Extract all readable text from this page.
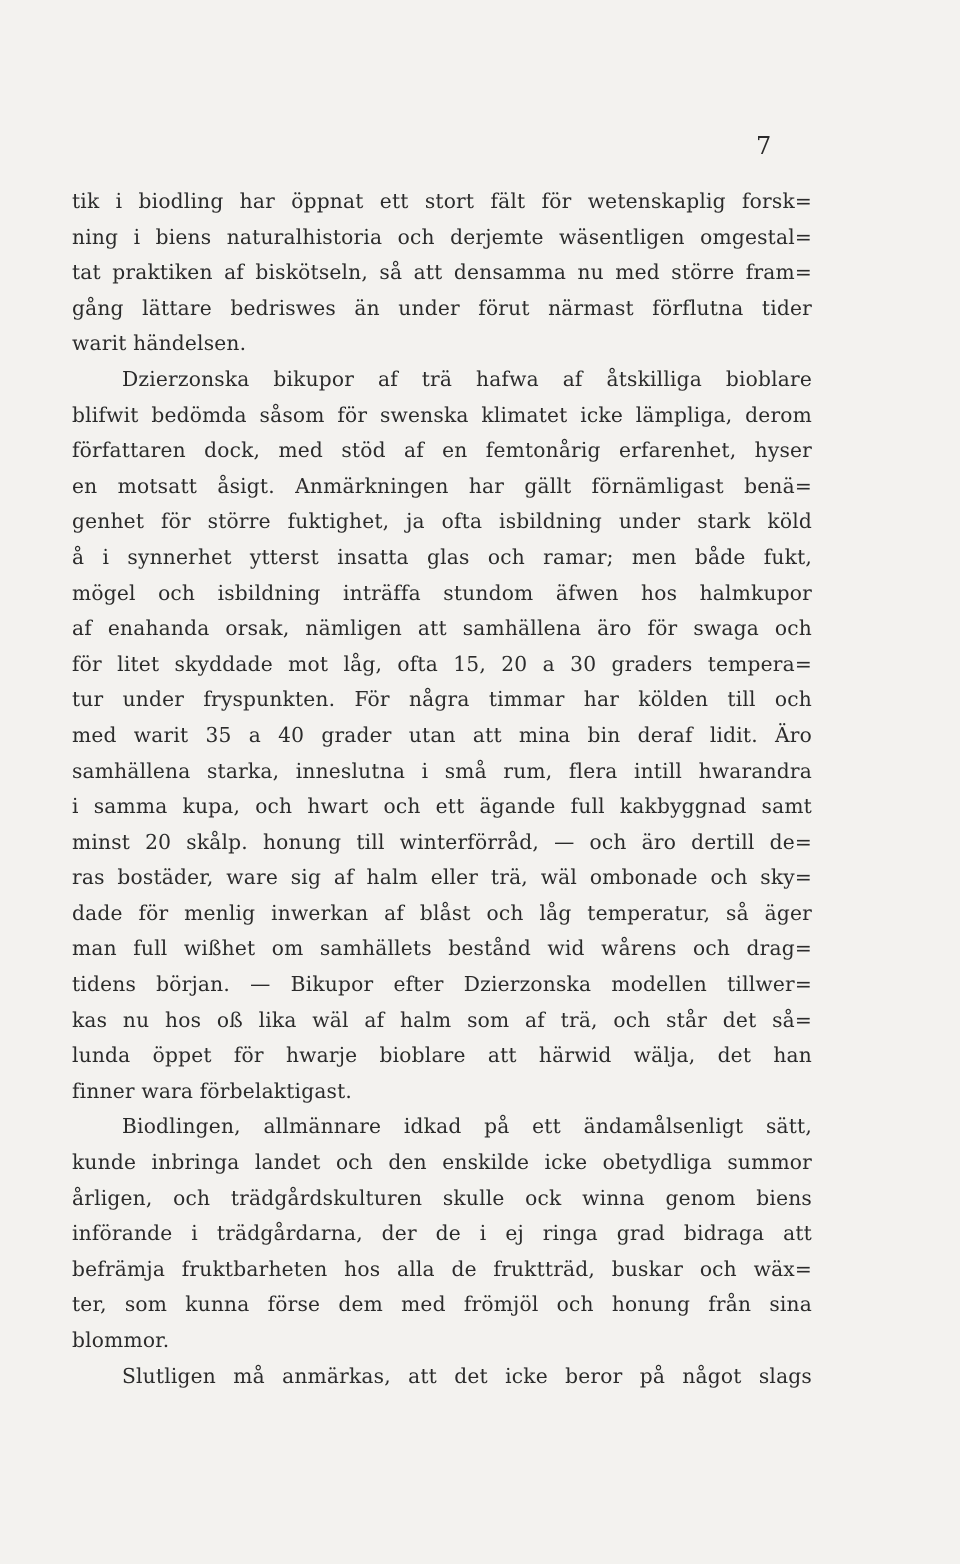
7
tik i biodling har öppnat ett stort fält för wetenskaplig forsk=
ning i biens naturalhistoria och derjemte wäsentligen omgestal=
tat praktiken af biskötseln, så att densamma nu med större fram=
gång lättare bedriswes än under förut närmast förflutna tider
warit händelsen.
Dzierzonska bikupor af trä hafwa af åtskilliga bioblare
blifwit bedömda såsom för swenska klimatet icke lämpliga, derom
författaren dock, med stöd af en femtonårig erfarenhet, hyser
en motsatt åsigt. Anmärkningen har gällt förnämligast benä=
genhet för större fuktighet, ja ofta isbildning under stark köld
å i synnerhet ytterst insatta glas och ramar; men både fukt,
mögel och isbildning inträffa stundom äfwen hos halmkupor
af enahanda orsak, nämligen att samhällena äro för swaga och
för litet skyddade mot låg, ofta 15, 20 a 30 graders tempera=
tur under fryspunkten. För några timmar har kölden till och
med warit 35 a 40 grader utan att mina bin deraf lidit. Äro
samhällena starka, inneslutna i små rum, flera intill hwarandra
i samma kupa, och hwart och ett ägande full kakbyggnad samt
minst 20 skålp. honung till winterförråd, — och äro dertill de=
ras bostäder, ware sig af halm eller trä, wäl ombonade och sky=
dade för menlig inwerkan af blåst och låg temperatur, så äger
man full wißhet om samhällets bestånd wid wårens och drag=
tidens början. — Bikupor efter Dzierzonska modellen tillwer=
kas nu hos oß lika wäl af halm som af trä, och står det så=
lunda öppet för hwarje bioblare att härwid wälja, det han
finner wara förbelaktigast.
Biodlingen, allmännare idkad på ett ändamålsenligt sätt,
kunde inbringa landet och den enskilde icke obetydliga summor
årligen, och trädgårdskulturen skulle ock winna genom biens
införande i trädgårdarna, der de i ej ringa grad bidraga att
befrämja fruktbarheten hos alla de fruktträd, buskar och wäx=
ter, som kunna förse dem med frömjöl och honung från sina
blommor.
Slutligen må anmärkas, att det icke beror på något slags
